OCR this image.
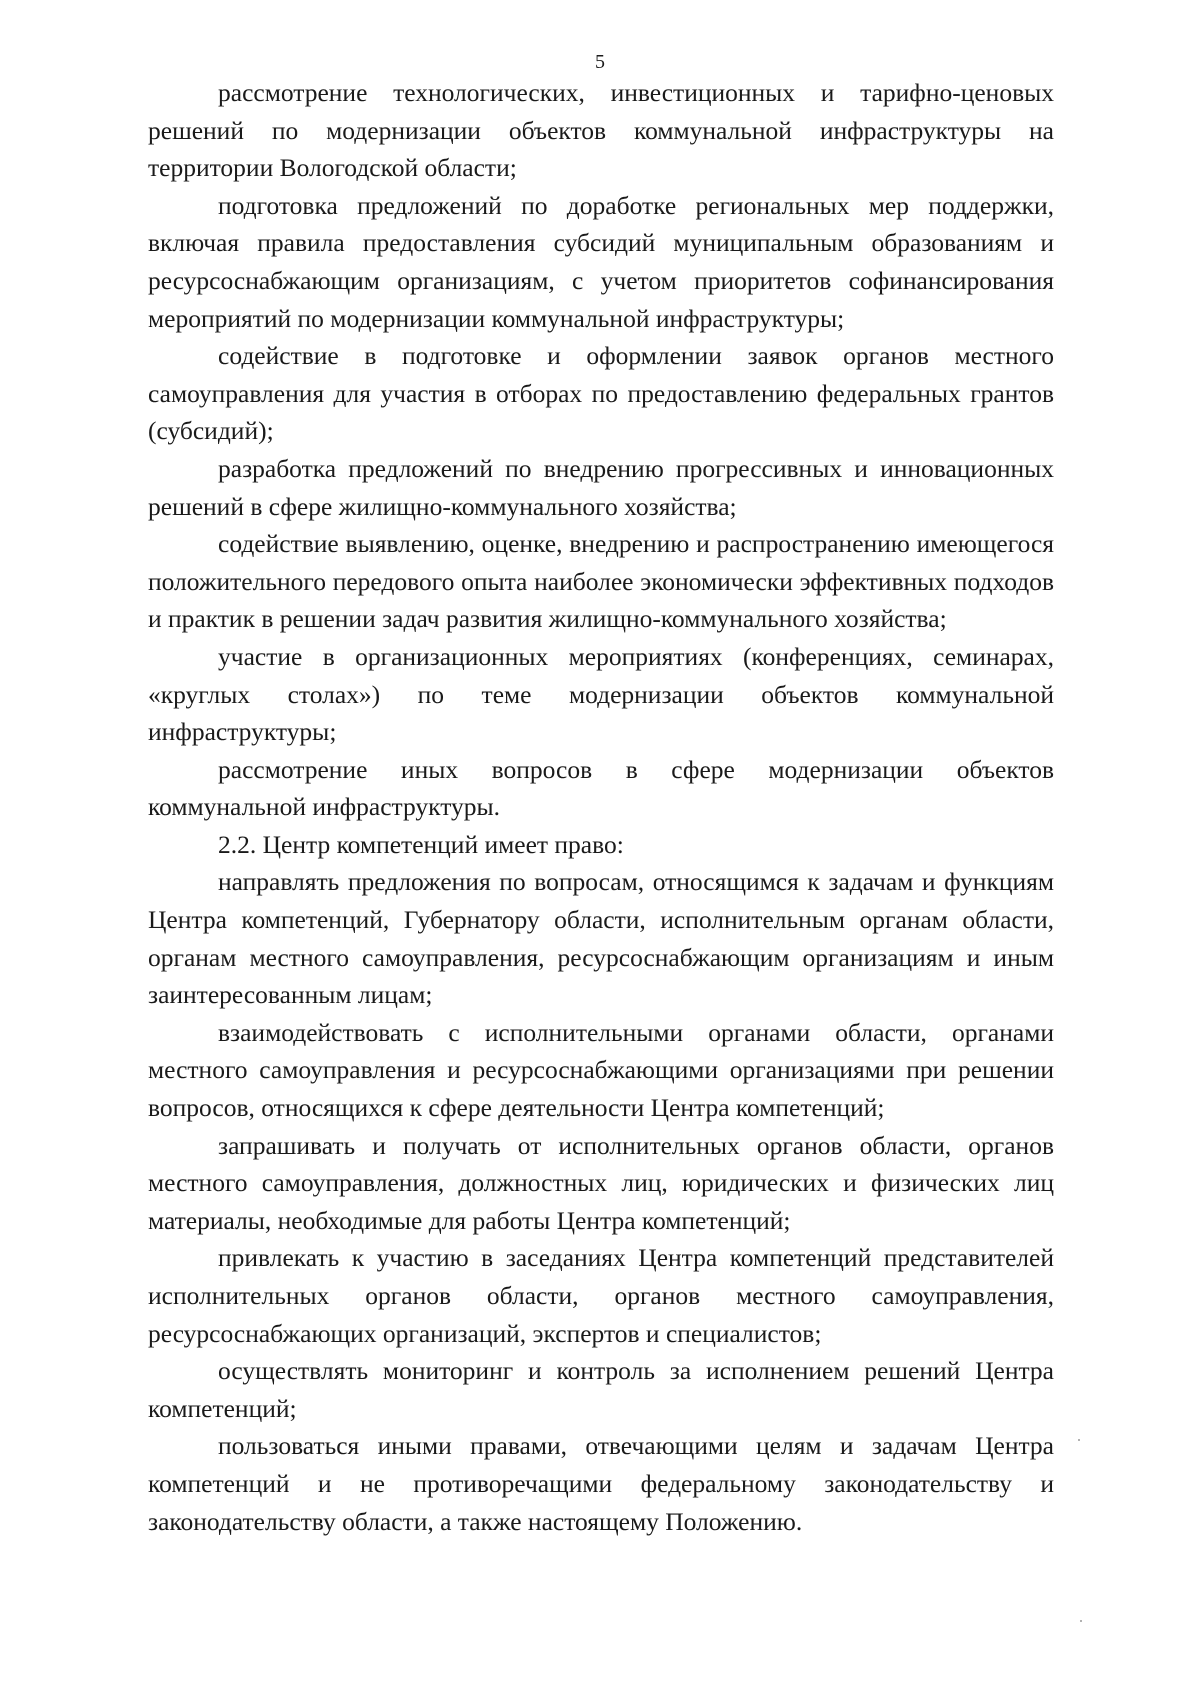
5

рассмотрение технологических, инвестиционных и тарифно-ценовых решений по модернизации объектов коммунальной инфраструктуры на территории Вологодской области;

подготовка предложений по доработке региональных мер поддержки, включая правила предоставления субсидий муниципальным образованиям и ресурсоснабжающим организациям, с учетом приоритетов софинансирования мероприятий по модернизации коммунальной инфраструктуры;

содействие в подготовке и оформлении заявок органов местного самоуправления для участия в отборах по предоставлению федеральных грантов (субсидий);

разработка предложений по внедрению прогрессивных и инновационных решений в сфере жилищно-коммунального хозяйства;

содействие выявлению, оценке, внедрению и распространению имеющегося положительного передового опыта наиболее экономически эффективных подходов и практик в решении задач развития жилищно-коммунального хозяйства;

участие в организационных мероприятиях (конференциях, семинарах, «круглых столах») по теме модернизации объектов коммунальной инфраструктуры;

рассмотрение иных вопросов в сфере модернизации объектов коммунальной инфраструктуры.

2.2. Центр компетенций имеет право:

направлять предложения по вопросам, относящимся к задачам и функциям Центра компетенций, Губернатору области, исполнительным органам области, органам местного самоуправления, ресурсоснабжающим организациям и иным заинтересованным лицам;

взаимодействовать с исполнительными органами области, органами местного самоуправления и ресурсоснабжающими организациями при решении вопросов, относящихся к сфере деятельности Центра компетенций;

запрашивать и получать от исполнительных органов области, органов местного самоуправления, должностных лиц, юридических и физических лиц материалы, необходимые для работы Центра компетенций;

привлекать к участию в заседаниях Центра компетенций представителей исполнительных органов области, органов местного самоуправления, ресурсоснабжающих организаций, экспертов и специалистов;

осуществлять мониторинг и контроль за исполнением решений Центра компетенций;

пользоваться иными правами, отвечающими целям и задачам Центра компетенций и не противоречащими федеральному законодательству и законодательству области, а также настоящему Положению.
